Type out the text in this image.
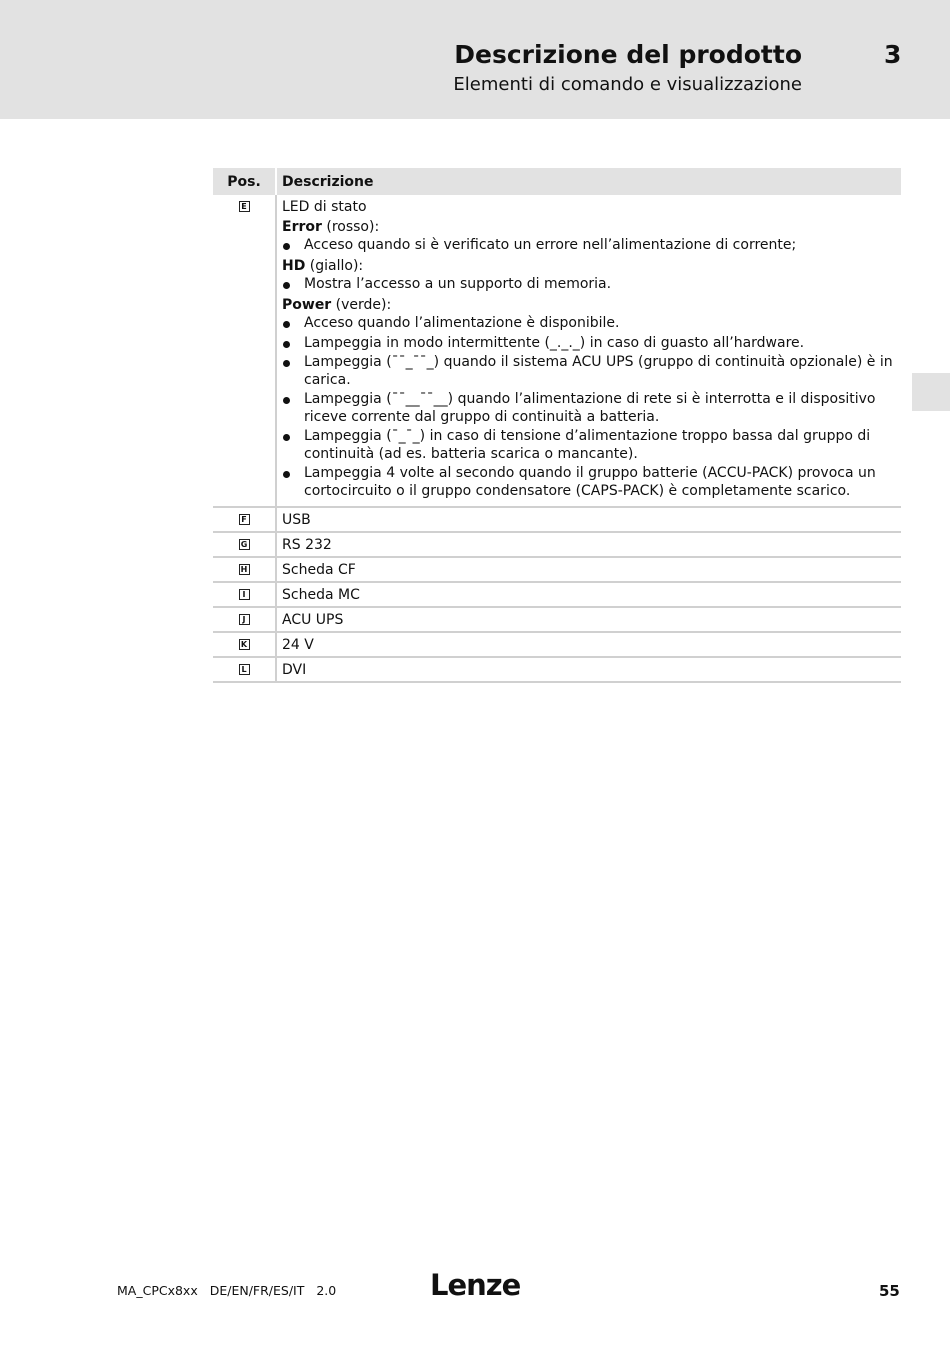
Descrizione del prodotto	3
Elementi di comando e visualizzazione
Pos.	Descrizione
E	LED di stato
Error (rosso):
Acceso quando si è verificato un errore nell’alimentazione di corrente;
HD (giallo):
Mostra l’accesso a un supporto di memoria.
Power (verde):
Acceso quando l’alimentazione è disponibile.
Lampeggia in modo intermittente (_._._) in caso di guasto all’hardware.
Lampeggia (¯¯_¯¯_) quando il sistema ACU UPS (gruppo di continuità opzionale) è in carica.
Lampeggia (¯¯__¯¯__) quando l’alimentazione di rete si è interrotta e il dispositivo riceve corrente dal gruppo di continuità a batteria.
Lampeggia (¯_¯_) in caso di tensione d’alimentazione troppo bassa dal gruppo di continuità (ad es. batteria scarica o mancante).
Lampeggia 4 volte al secondo quando il gruppo batterie (ACCU-PACK) provoca un cortocircuito o il gruppo condensatore (CAPS-PACK) è completamente scarico.
F	USB
G	RS 232
H	Scheda CF
I	Scheda MC
J	ACU UPS
K	24 V
L	DVI
MA_CPCx8xx DE/EN/FR/ES/IT 2.0	Lenze	55
